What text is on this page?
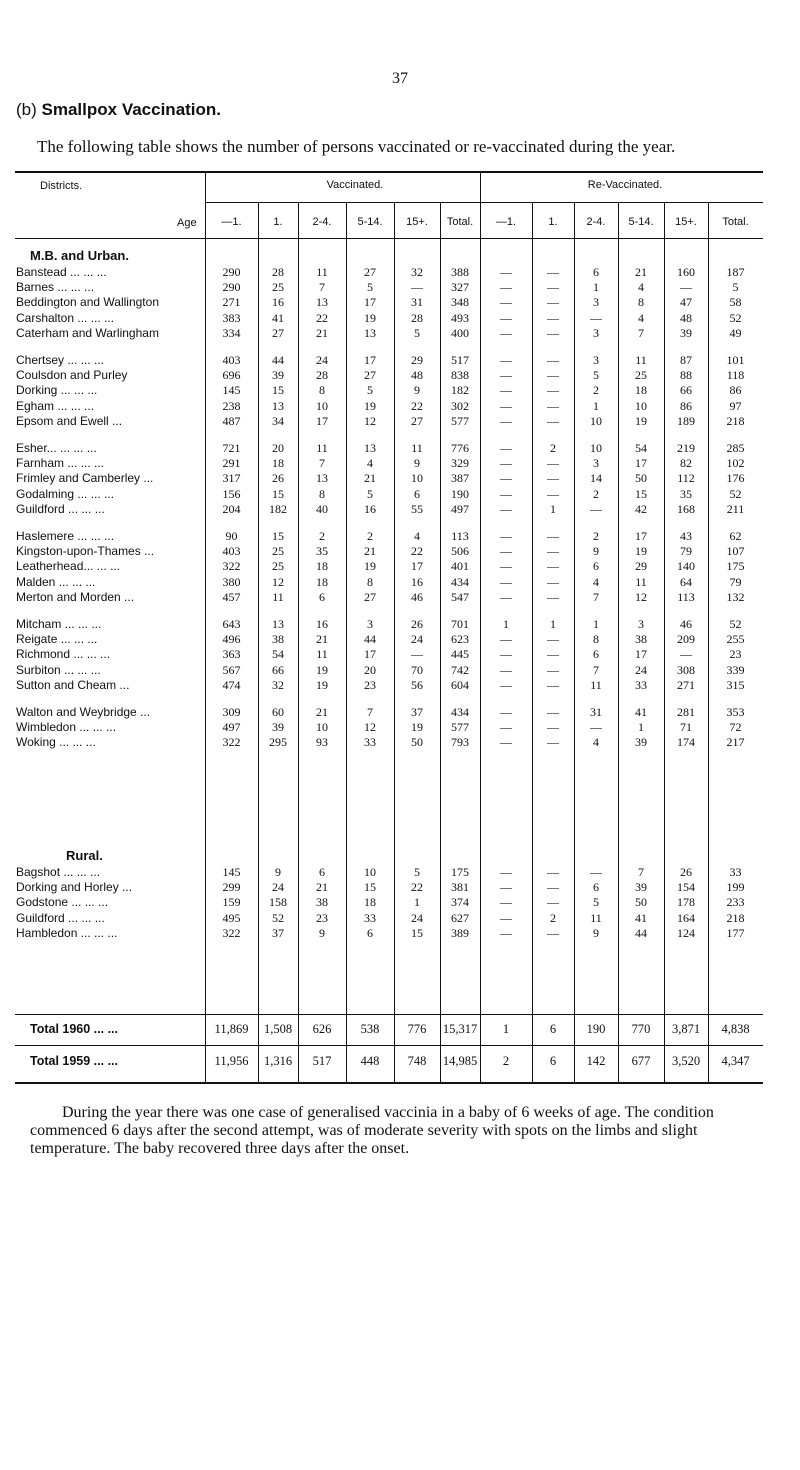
37
(b) Smallpox Vaccination.
The following table shows the number of persons vaccinated or re-vaccinated during the year.
Districts.
Age
Vaccinated.	Re-Vaccinated.
—1.	1.	2-4.	5-14.	15+.	Total.	—1.	1.	2-4.	5-14.	15+.	Total.
M.B. and Urban.
Banstead ... ... ...	290	28	11	27	32	388	—	—	6	21	160	187
Barnes ... ... ...	290	25	7	5	—	327	—	—	1	4	—	5
Beddington and Wallington	271	16	13	17	31	348	—	—	3	8	47	58
Carshalton ... ... ...	383	41	22	19	28	493	—	—	—	4	48	52
Caterham and Warlingham	334	27	21	13	5	400	—	—	3	7	39	49
Chertsey ... ... ...	403	44	24	17	29	517	—	—	3	11	87	101
Coulsdon and Purley	696	39	28	27	48	838	—	—	5	25	88	118
Dorking ... ... ...	145	15	8	5	9	182	—	—	2	18	66	86
Egham ... ... ...	238	13	10	19	22	302	—	—	1	10	86	97
Epsom and Ewell ...	487	34	17	12	27	577	—	—	10	19	189	218
Esher... ... ... ...	721	20	11	13	11	776	—	2	10	54	219	285
Farnham ... ... ...	291	18	7	4	9	329	—	—	3	17	82	102
Frimley and Camberley ...	317	26	13	21	10	387	—	—	14	50	112	176
Godalming ... ... ...	156	15	8	5	6	190	—	—	2	15	35	52
Guildford ... ... ...	204	182	40	16	55	497	—	1	—	42	168	211
Haslemere ... ... ...	90	15	2	2	4	113	—	—	2	17	43	62
Kingston-upon-Thames ...	403	25	35	21	22	506	—	—	9	19	79	107
Leatherhead... ... ...	322	25	18	19	17	401	—	—	6	29	140	175
Malden ... ... ...	380	12	18	8	16	434	—	—	4	11	64	79
Merton and Morden ...	457	11	6	27	46	547	—	—	7	12	113	132
Mitcham ... ... ...	643	13	16	3	26	701	1	1	1	3	46	52
Reigate ... ... ...	496	38	21	44	24	623	—	—	8	38	209	255
Richmond ... ... ...	363	54	11	17	—	445	—	—	6	17	—	23
Surbiton ... ... ...	567	66	19	20	70	742	—	—	7	24	308	339
Sutton and Cheam ...	474	32	19	23	56	604	—	—	11	33	271	315
Walton and Weybridge ...	309	60	21	7	37	434	—	—	31	41	281	353
Wimbledon ... ... ...	497	39	10	12	19	577	—	—	—	1	71	72
Woking ... ... ...	322	295	93	33	50	793	—	—	4	39	174	217
Rural.
Bagshot ... ... ...	145	9	6	10	5	175	—	—	—	7	26	33
Dorking and Horley ...	299	24	21	15	22	381	—	—	6	39	154	199
Godstone ... ... ...	159	158	38	18	1	374	—	—	5	50	178	233
Guildford ... ... ...	495	52	23	33	24	627	—	2	11	41	164	218
Hambledon ... ... ...	322	37	9	6	15	389	—	—	9	44	124	177
Total 1960 ... ...	11,869	1,508	626	538	776	15,317	1	6	190	770	3,871	4,838
Total 1959 ... ...	11,956	1,316	517	448	748	14,985	2	6	142	677	3,520	4,347
During the year there was one case of generalised vaccinia in a baby of 6 weeks of age. The condition commenced 6 days after the second attempt, was of moderate severity with spots on the limbs and slight temperature. The baby recovered three days after the onset.
